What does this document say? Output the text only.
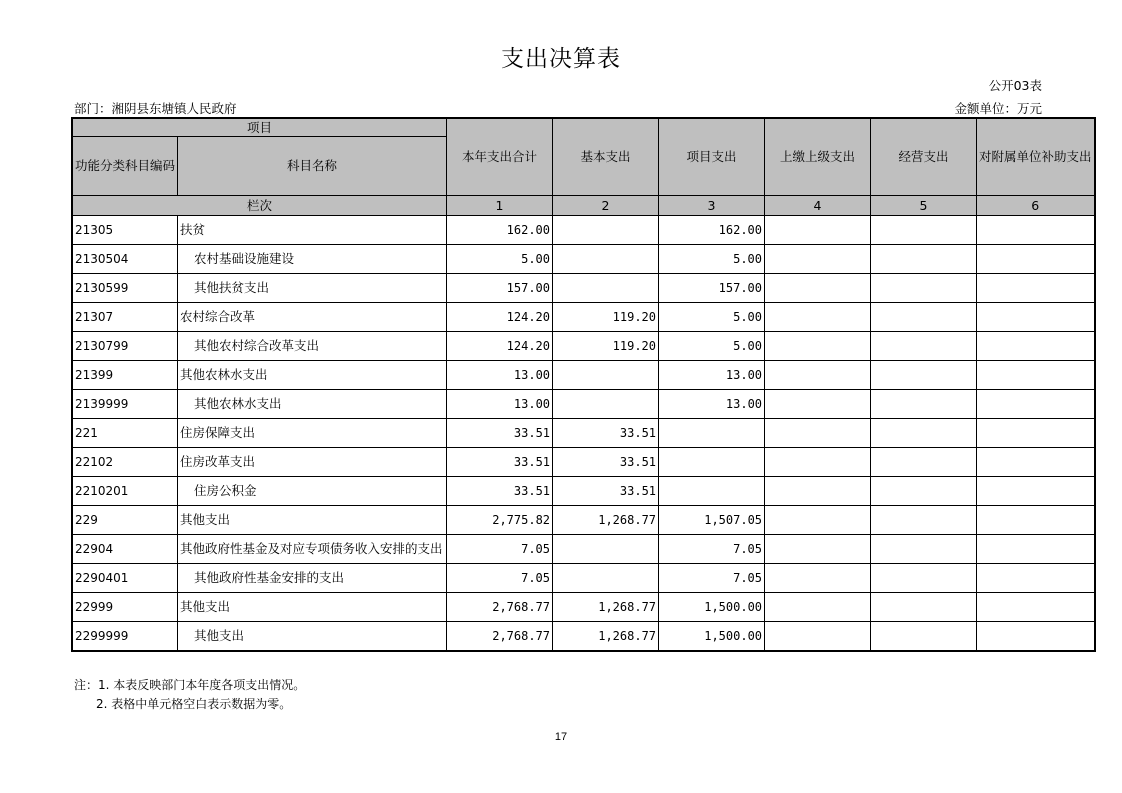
支出决算表
公开03表
部门：湘阴县东塘镇人民政府	金额单位：万元
项目		本年支出合计	基本支出	项目支出	上缴上级支出	经营支出	对附属单位补助支出
功能分类科目编码	科目名称						
栏次		1	2	3	4	5	6
21305	扶贫	162.00		162.00			
2130504	农村基础设施建设	5.00		5.00			
2130599	其他扶贫支出	157.00		157.00			
21307	农村综合改革	124.20	119.20	5.00			
2130799	其他农村综合改革支出	124.20	119.20	5.00			
21399	其他农林水支出	13.00		13.00			
2139999	其他农林水支出	13.00		13.00			
221	住房保障支出	33.51	33.51				
22102	住房改革支出	33.51	33.51				
2210201	住房公积金	33.51	33.51				
229	其他支出	2,775.82	1,268.77	1,507.05			
22904	其他政府性基金及对应专项债务收入安排的支出	7.05		7.05			
2290401	其他政府性基金安排的支出	7.05		7.05			
22999	其他支出	2,768.77	1,268.77	1,500.00			
2299999	其他支出	2,768.77	1,268.77	1,500.00			
注：1. 本表反映部门本年度各项支出情况。
2. 表格中单元格空白表示数据为零。
17
